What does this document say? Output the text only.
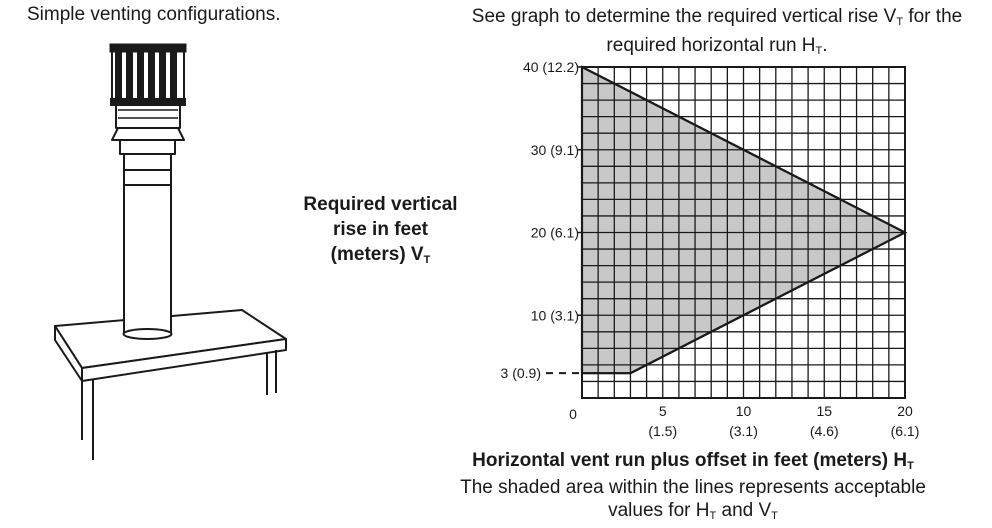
Simple venting configurations.	See graph to determine the required vertical rise $V_T$ for the
required horizontal run $H_T$.
Required vertical
rise in feet
(meters) $V_T$
Horizontal vent run plus offset in feet (meters) $H_T$
The shaded area within the lines represents acceptable
values for $H_T$ and $V_T$
3 (0.9)
10 (3.1)
20 (6.1)
30 (9.1)
40 (12.2)
0	5
(1.5)
10
(3.1)
15
(4.6)
20
(6.1)
